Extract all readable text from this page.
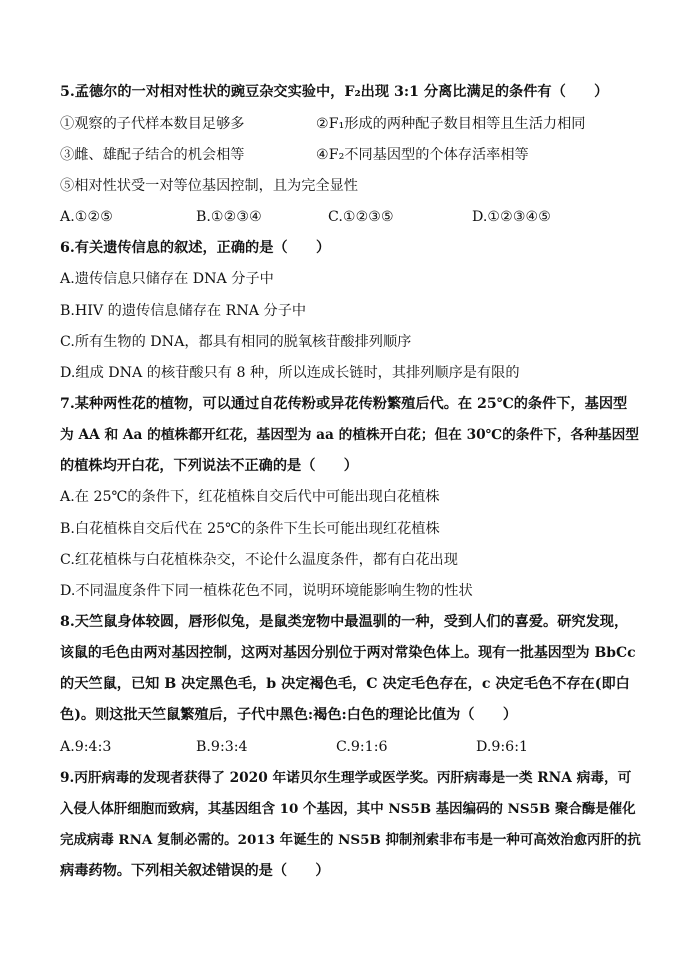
5.孟德尔的一对相对性状的豌豆杂交实验中，F₂出现 3:1 分离比满足的条件有（　　）
①观察的子代样本数目足够多	②F₁形成的两种配子数目相等且生活力相同
③雌、雄配子结合的机会相等	④F₂不同基因型的个体存活率相等
⑤相对性状受一对等位基因控制，且为完全显性
A.①②⑤	B.①②③④	C.①②③⑤	D.①②③④⑤
6.有关遗传信息的叙述，正确的是（　　）
A.遗传信息只储存在 DNA 分子中
B.HIV 的遗传信息储存在 RNA 分子中
C.所有生物的 DNA，都具有相同的脱氧核苷酸排列顺序
D.组成 DNA 的核苷酸只有 8 种，所以连成长链时，其排列顺序是有限的
7.某种两性花的植物，可以通过自花传粉或异花传粉繁殖后代。在 25℃的条件下，基因型
为 AA 和 Aa 的植株都开红花，基因型为 aa 的植株开白花；但在 30℃的条件下，各种基因型
的植株均开白花，下列说法不正确的是（　　）
A.在 25℃的条件下，红花植株自交后代中可能出现白花植株
B.白花植株自交后代在 25℃的条件下生长可能出现红花植株
C.红花植株与白花植株杂交，不论什么温度条件，都有白花出现
D.不同温度条件下同一植株花色不同，说明环境能影响生物的性状
8.天竺鼠身体较圆，唇形似兔，是鼠类宠物中最温驯的一种，受到人们的喜爱。研究发现，
该鼠的毛色由两对基因控制，这两对基因分别位于两对常染色体上。现有一批基因型为 BbCc
的天竺鼠，已知 B 决定黑色毛，b 决定褐色毛，C 决定毛色存在，c 决定毛色不存在(即白
色)。则这批天竺鼠繁殖后，子代中黑色:褐色:白色的理论比值为（　　）
A.9:4:3	B.9:3:4	C.9:1:6	D.9:6:1
9.丙肝病毒的发现者获得了 2020 年诺贝尔生理学或医学奖。丙肝病毒是一类 RNA 病毒，可
入侵人体肝细胞而致病，其基因组含 10 个基因，其中 NS5B 基因编码的 NS5B 聚合酶是催化
完成病毒 RNA 复制必需的。2013 年诞生的 NS5B 抑制剂索非布韦是一种可高效治愈丙肝的抗
病毒药物。下列相关叙述错误的是（　　）
